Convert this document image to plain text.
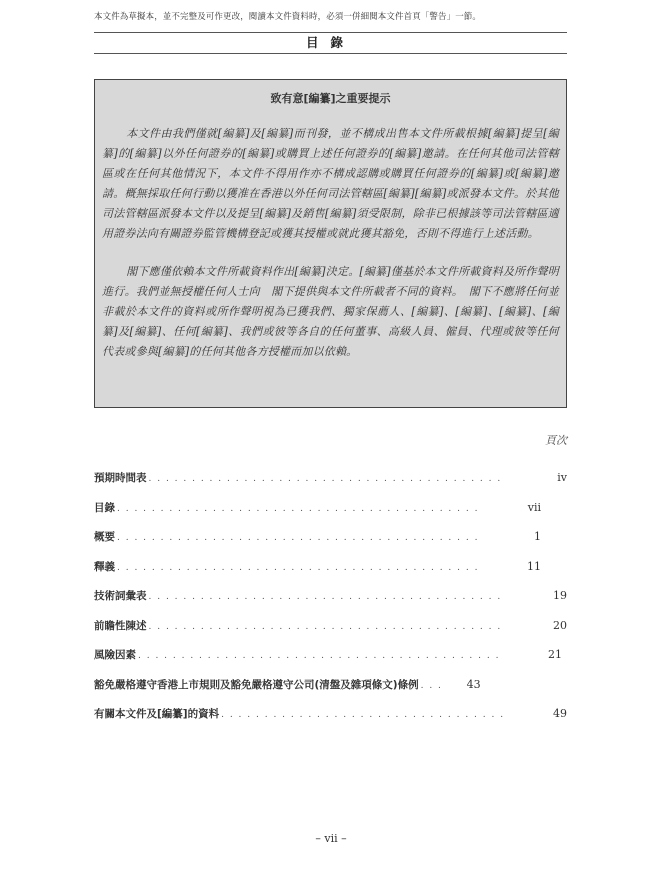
本文件為草擬本，並不完整及可作更改，閱讀本文件資料時，必須一併細閱本文件首頁「警告」一節。
目錄
致有意[編纂]之重要提示

本文件由我們僅就[編纂]及[編纂]而刊發，並不構成出售本文件所載根據[編纂]提呈[編纂]的[編纂]以外任何證券的[編纂]或購買上述任何證券的[編纂]邀請。在任何其他司法管轄區或在任何其他情況下，本文件不得用作亦不構成認購或購買任何證券的[編纂]或[編纂]邀請。概無採取任何行動以獲准在香港以外任何司法管轄區[編纂][編纂]或派發本文件。於其他司法管轄區派發本文件以及提呈[編纂]及銷售[編纂]須受限制，除非已根據該等司法管轄區適用證券法向有關證券監管機構登記或獲其授權或就此獲其豁免，否則不得進行上述活動。

閣下應僅依賴本文件所載資料作出[編纂]決定。[編纂]僅基於本文件所載資料及所作聲明進行。我們並無授權任何人士向　閣下提供與本文件所載者不同的資料。　閣下不應將任何並非載於本文件的資料或所作聲明視為已獲我們、獨家保薦人、[編纂]、[編纂]、[編纂]、[編纂]及[編纂]、任何[編纂]、我們或彼等各自的任何董事、高級人員、僱員、代理或彼等任何代表或參與[編纂]的任何其他各方授權而加以依賴。

頁次
預期時間表 . . .	iv
目錄 . . .	vii
概要 . . .	1
釋義 . . .	11
技術詞彙表 . . .	19
前瞻性陳述 . . .	20
風險因素 . . .	21
豁免嚴格遵守香港上市規則及豁免嚴格遵守公司(清盤及雜項條文)條例 . . .	43
有關本文件及[編纂]的資料 . . .	49
– vii –
